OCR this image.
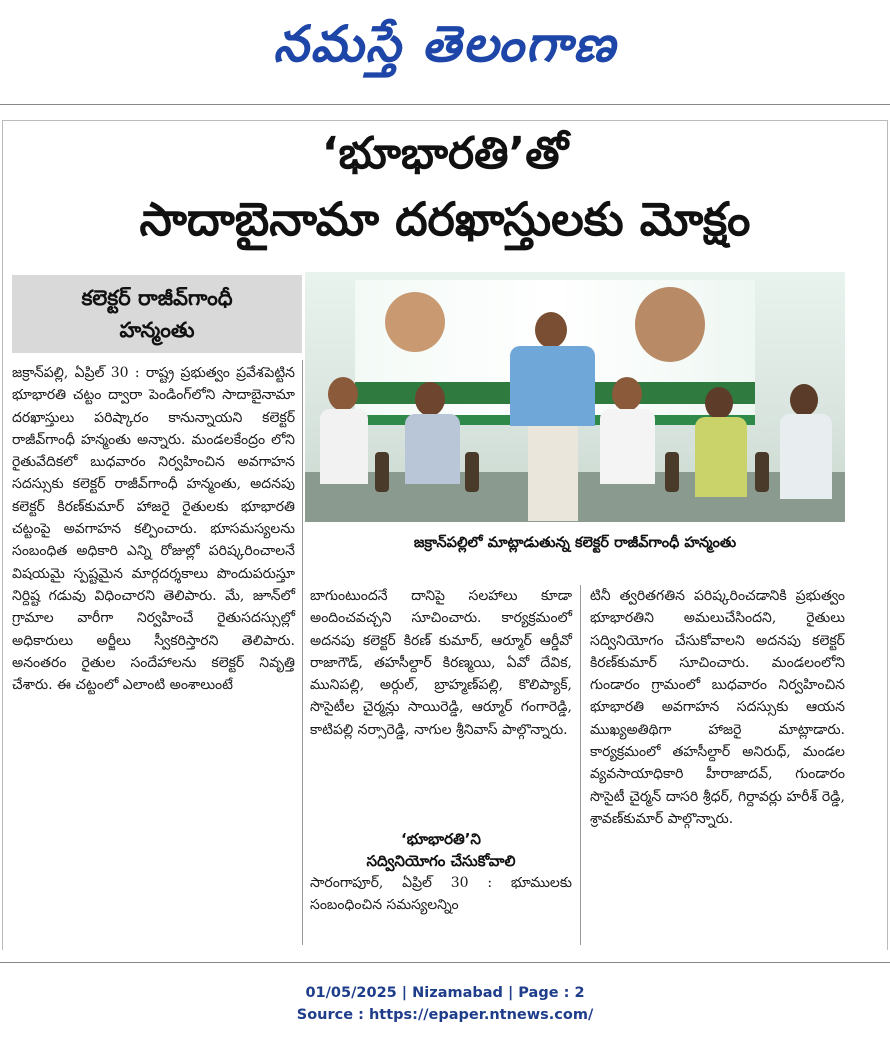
నమస్తే తెలంగాణ
‘భూభారతి’తో
సాదాబైనామా దరఖాస్తులకు మోక్షం
కలెక్టర్ రాజీవ్‌గాంధీ
హన్మంతు
జక్రాన్‌పల్లిలో మాట్లాడుతున్న కలెక్టర్ రాజీవ్‌గాంధీ హన్మంతు

జక్రాన్‌పల్లి, ఏప్రిల్ 30 : రాష్ట్ర ప్రభుత్వం ప్రవేశపెట్టిన భూభారతి చట్టం ద్వారా పెండింగ్‌లోని సాదాబైనామా దరఖాస్తులు పరిష్కారం కానున్నాయని కలెక్టర్ రాజీవ్‌గాంధీ హన్మంతు అన్నారు. మండలకేంద్రం లోని రైతువేదికలో బుధవారం నిర్వహించిన అవగాహన సదస్సుకు కలెక్టర్ రాజీవ్‌గాంధీ హన్మంతు, అదనపు కలెక్టర్ కిరణ్‌కుమార్ హాజరై రైతులకు భూభారతి చట్టంపై అవగాహన కల్పించారు. భూసమస్యలను సంబంధిత అధికారి ఎన్ని రోజుల్లో పరిష్కరించాలనే విషయమై స్పష్టమైన మార్గదర్శకాలు పొందుపరుస్తూ నిర్దిష్ట గడువు విధించారని తెలిపారు. మే, జూన్‌లో గ్రామాల వారీగా నిర్వహించే రైతుసదస్సుల్లో అధికారులు అర్జీలు స్వీకరిస్తారని తెలిపారు. అనంతరం రైతుల సందేహాలను కలెక్టర్ నివృత్తి చేశారు. ఈ చట్టంలో ఎలాంటి అంశాలుంటే

బాగుంటుందనే దానిపై సలహాలు కూడా అందించవచ్చని సూచించారు. కార్యక్రమంలో అదనపు కలెక్టర్ కిరణ్ కుమార్, ఆర్మూర్ ఆర్డీవో రాజాగౌడ్, తహసీల్దార్ కిరణ్మయి, ఏవో దేవిక, మునిపల్లి, అర్గుల్, బ్రాహ్మణ్‌పల్లి, కొలిప్యాక్, సొసైటీల చైర్మన్లు సాయిరెడ్డి, ఆర్మూర్ గంగారెడ్డి, కాటిపల్లి నర్సారెడ్డి, నాగుల శ్రీనివాస్ పాల్గొన్నారు.

‘భూభారతి’ని
సద్వినియోగం చేసుకోవాలి

సారంగాపూర్, ఏప్రిల్ 30 : భూములకు సంబంధించిన సమస్యలన్నిం

టినీ త్వరితగతిన పరిష్కరించడానికి ప్రభుత్వం భూభారతిని అమలుచేసిందని, రైతులు సద్వినియోగం చేసుకోవాలని అదనపు కలెక్టర్ కిరణ్‌కుమార్ సూచించారు. మండలంలోని గుండారం గ్రామంలో బుధవారం నిర్వహించిన భూభారతి అవగాహన సదస్సుకు ఆయన ముఖ్యఅతిథిగా హాజరై మాట్లాడారు. కార్యక్రమంలో తహసీల్దార్ అనిరుధ్, మండల వ్యవసాయాధికారి హీరాజాదవ్, గుండారం సొసైటీ చైర్మన్ దాసరి శ్రీధర్, గిర్దావర్లు హరీశ్ రెడ్డి, శ్రావణ్‌కుమార్ పాల్గొన్నారు.

01/05/2025 | Nizamabad | Page : 2
Source : https://epaper.ntnews.com/
